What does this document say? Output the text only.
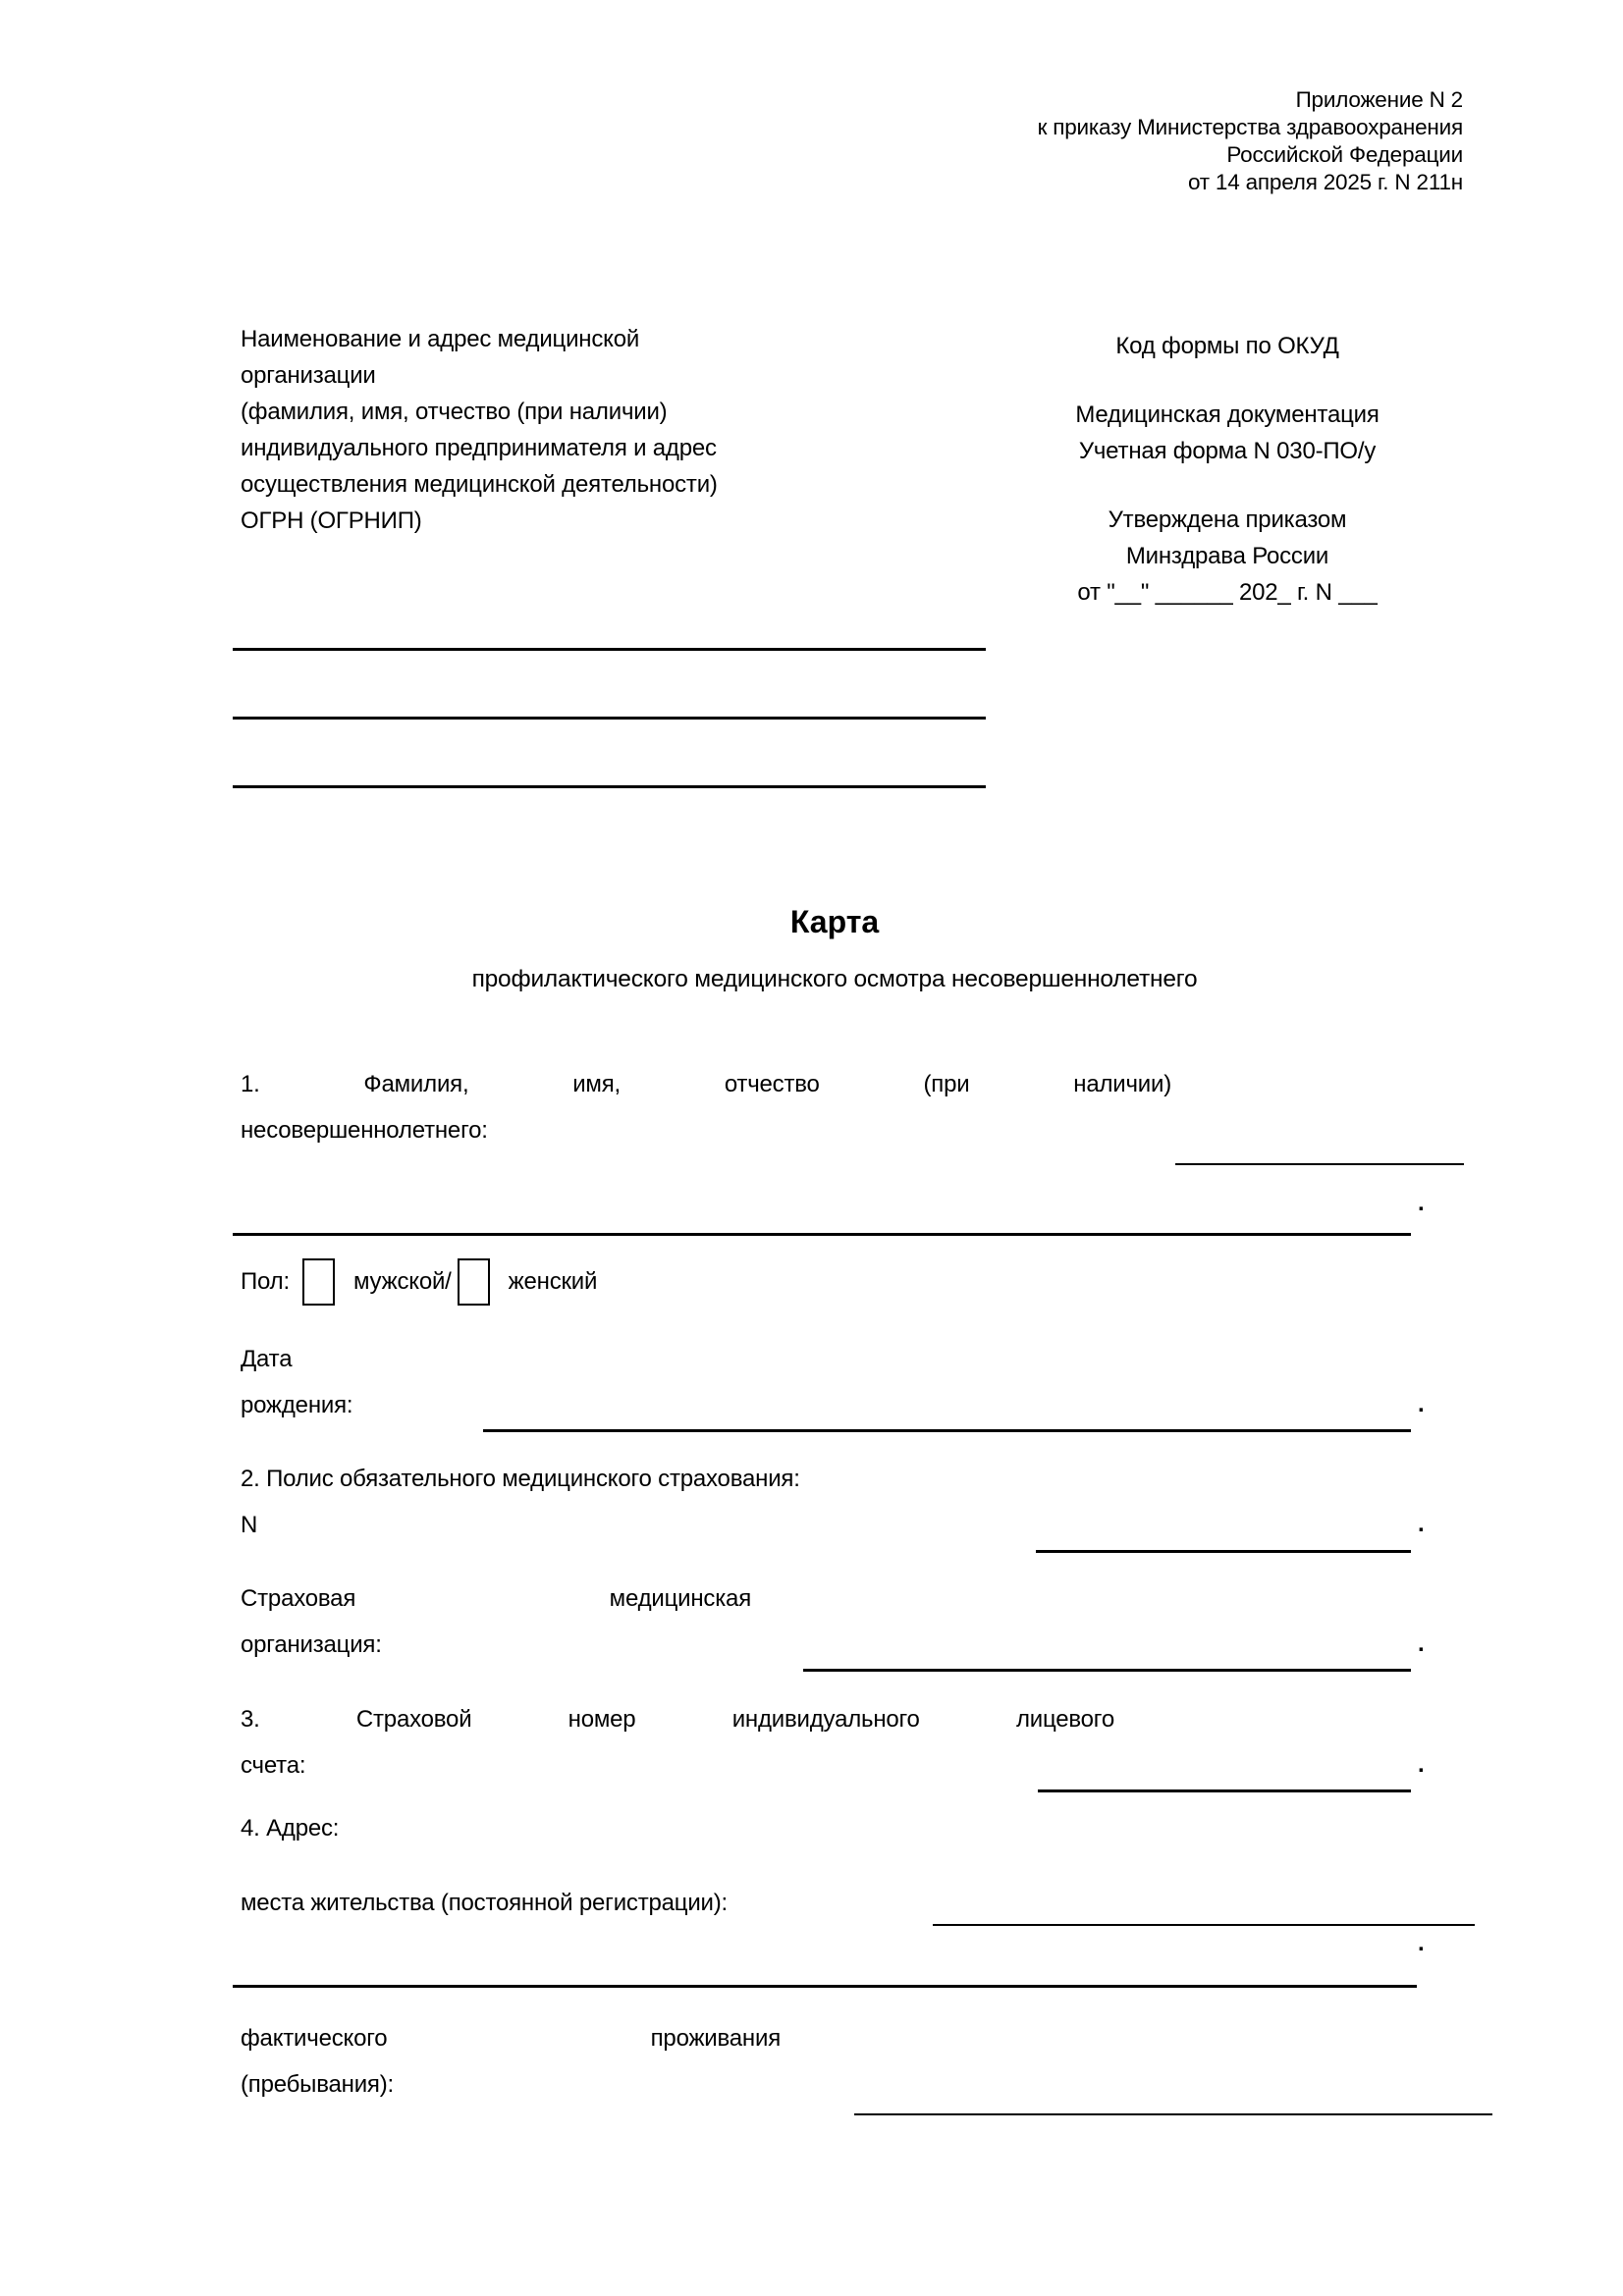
Приложение N 2
к приказу Министерства здравоохранения
Российской Федерации
от 14 апреля 2025 г. N 211н
Наименование и адрес медицинской
организации
(фамилия, имя, отчество (при наличии)
индивидуального предпринимателя и адрес
осуществления медицинской деятельности)
ОГРН (ОГРНИП)
Код формы по ОКУД
Медицинская документация
Учетная форма N 030-ПО/у
Утверждена приказом
Минздрава России
от "__" ______ 202_ г. N ___
Карта
профилактического медицинского осмотра несовершеннолетнего
1. Фамилия, имя, отчество (при наличии)
несовершеннолетнего:
.
Пол:	мужской/ женский
Дата
рождения:	.
2. Полис обязательного медицинского страхования:
N	.
Страховая медицинская
организация:	.
3. Страховой номер индивидуального лицевого
счета:	.
4. Адрес:
места жительства (постоянной регистрации):
.
фактического проживания
(пребывания):
